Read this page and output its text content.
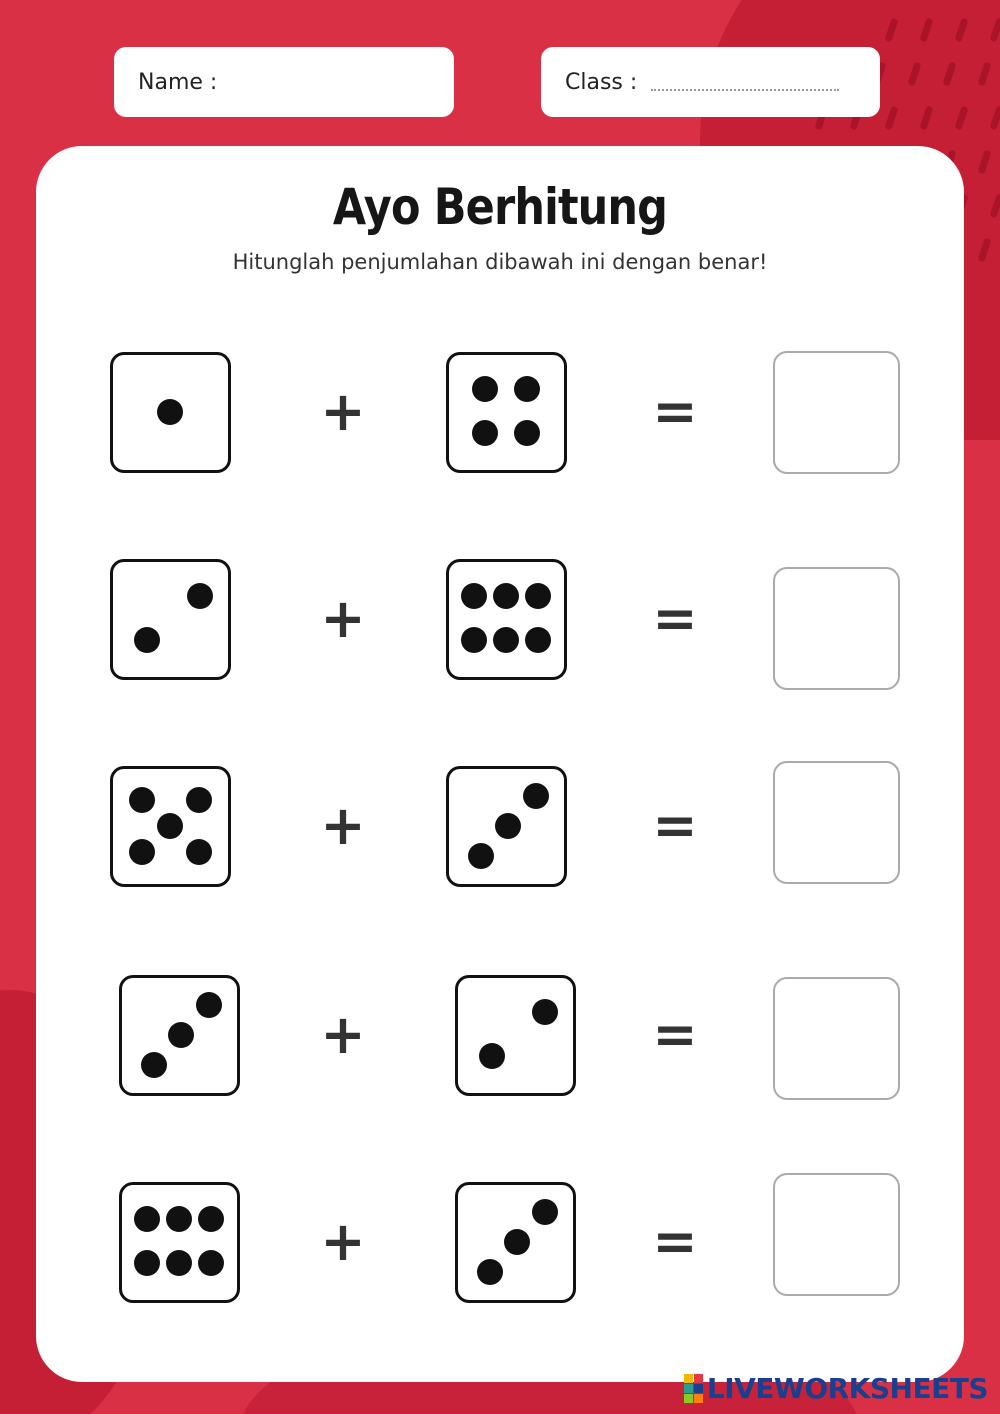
Name :	Class :
Ayo Berhitung
Hitunglah penjumlahan dibawah ini dengan benar!
+	=
+	=
+	=
+	=
+	=
LIVEWORKSHEETS
